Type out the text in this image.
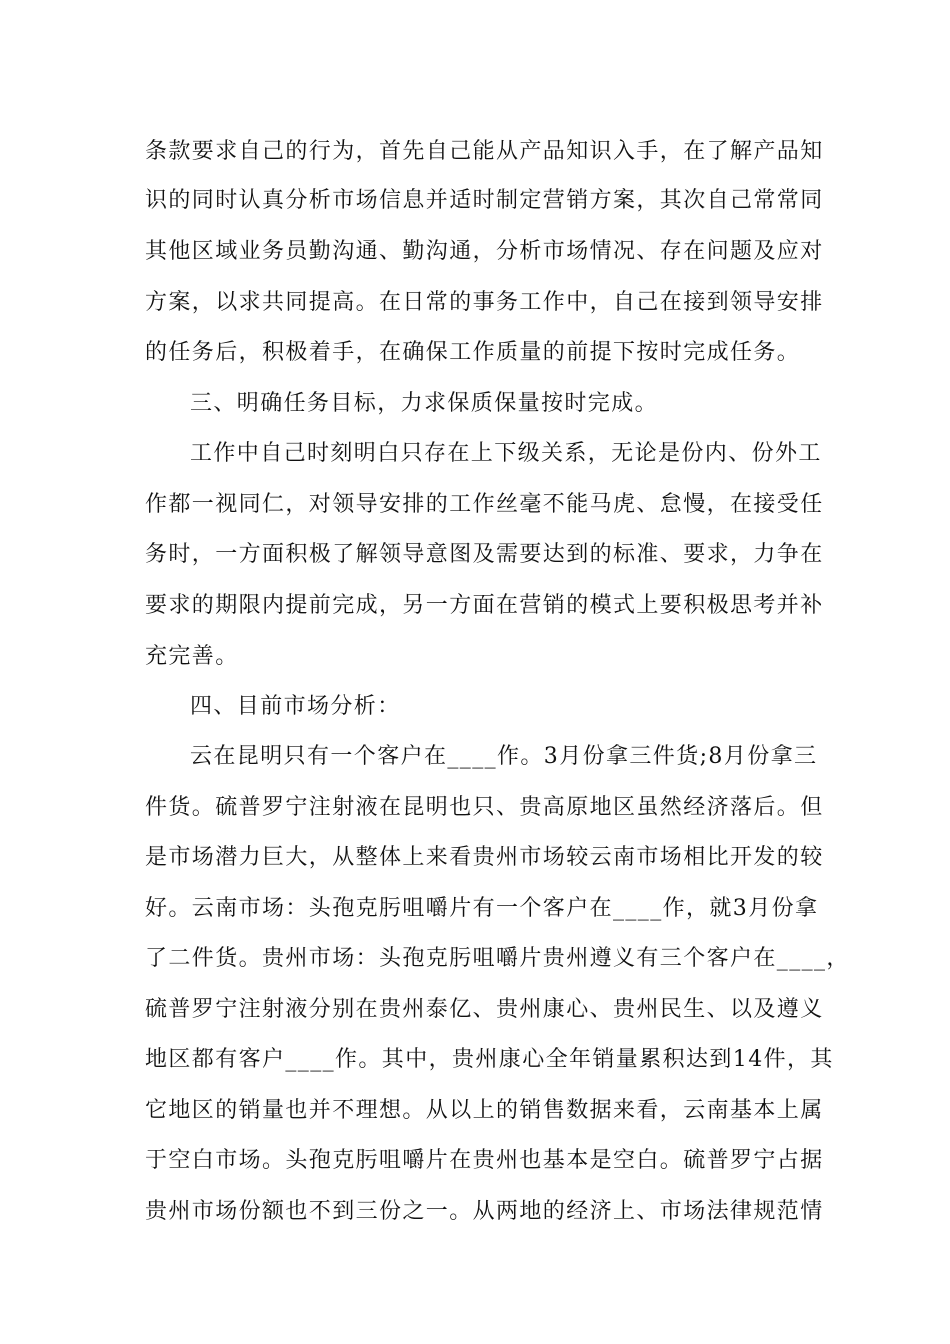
条款要求自己的行为，首先自己能从产品知识入手，在了解产品知
识的同时认真分析市场信息并适时制定营销方案，其次自己常常同
其他区域业务员勤沟通、勤沟通，分析市场情况、存在问题及应对
方案，以求共同提高。在日常的事务工作中，自己在接到领导安排
的任务后，积极着手，在确保工作质量的前提下按时完成任务。
三、明确任务目标，力求保质保量按时完成。
工作中自己时刻明白只存在上下级关系，无论是份内、份外工
作都一视同仁，对领导安排的工作丝毫不能马虎、怠慢，在接受任
务时，一方面积极了解领导意图及需要达到的标准、要求，力争在
要求的期限内提前完成，另一方面在营销的模式上要积极思考并补
充完善。
四、目前市场分析：
云在昆明只有一个客户在____作。3月份拿三件货;8月份拿三
件货。硫普罗宁注射液在昆明也只、贵高原地区虽然经济落后。但
是市场潜力巨大，从整体上来看贵州市场较云南市场相比开发的较
好。云南市场：头孢克肟咀嚼片有一个客户在____作，就3月份拿
了二件货。贵州市场：头孢克肟咀嚼片贵州遵义有三个客户在____，
硫普罗宁注射液分别在贵州泰亿、贵州康心、贵州民生、以及遵义
地区都有客户____作。其中，贵州康心全年销量累积达到14件，其
它地区的销量也并不理想。从以上的销售数据来看，云南基本上属
于空白市场。头孢克肟咀嚼片在贵州也基本是空白。硫普罗宁占据
贵州市场份额也不到三份之一。从两地的经济上、市场法律规范情
